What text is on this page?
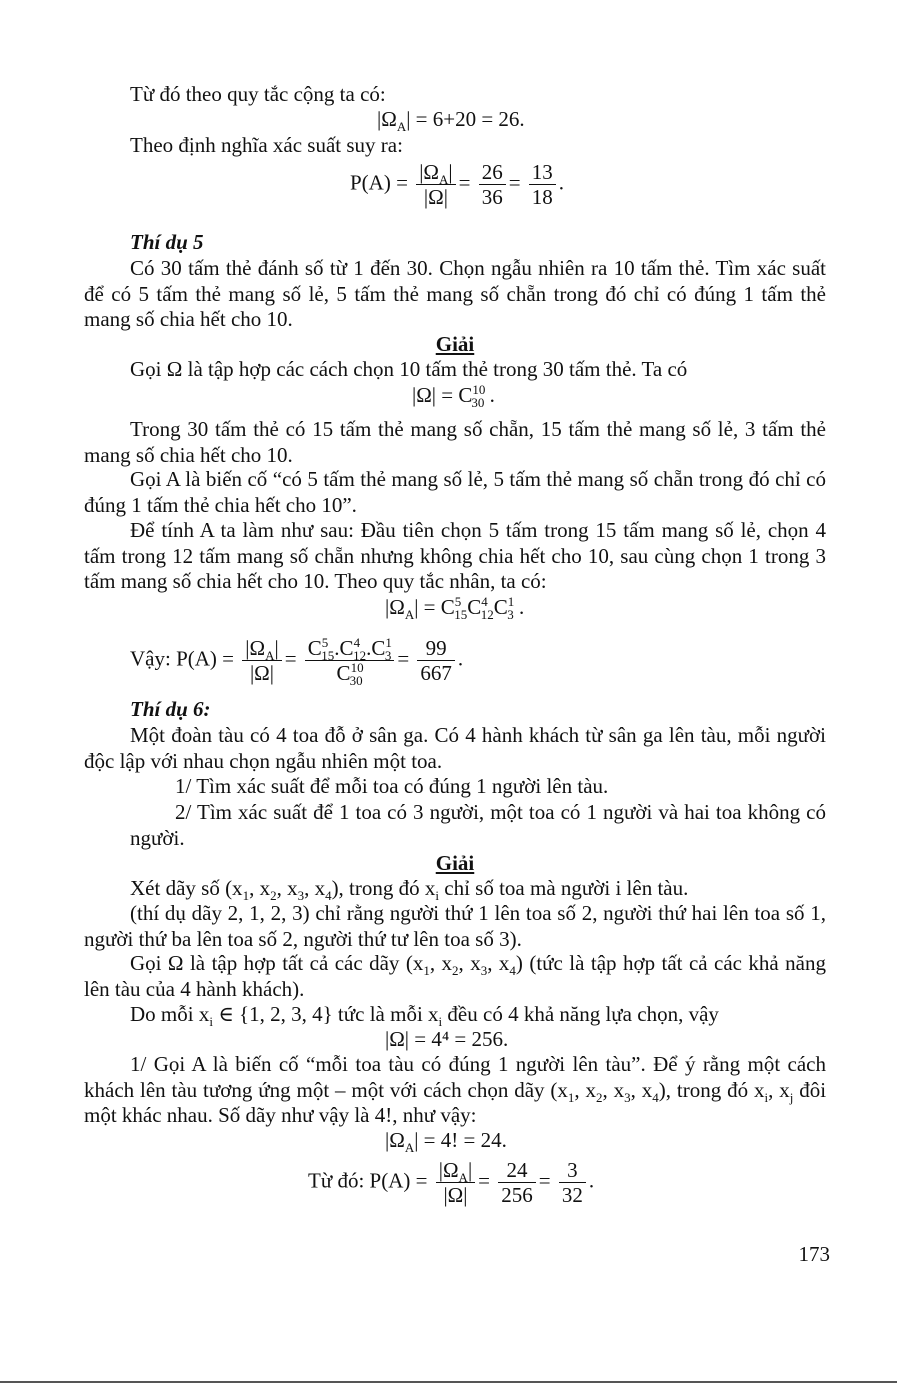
Từ đó theo quy tắc cộng ta có:
$|\Omega_A| = 6+20 = 26$.
Theo định nghĩa xác suất suy ra:
$P(A) = \frac{|\Omega_A|}{|\Omega|} = \frac{26}{36} = \frac{13}{18}$ .
Thí dụ 5
Có 30 tấm thẻ đánh số từ 1 đến 30. Chọn ngẫu nhiên ra 10 tấm thẻ. Tìm xác suất để có 5 tấm thẻ mang số lẻ, 5 tấm thẻ mang số chẵn trong đó chỉ có đúng 1 tấm thẻ mang số chia hết cho 10.
Giải
Gọi Ω là tập hợp các cách chọn 10 tấm thẻ trong 30 tấm thẻ. Ta có
$|\Omega| = C^{10}_{30}$ .
Trong 30 tấm thẻ có 15 tấm thẻ mang số chẵn, 15 tấm thẻ mang số lẻ, 3 tấm thẻ mang số chia hết cho 10.
Gọi A là biến cố “có 5 tấm thẻ mang số lẻ, 5 tấm thẻ mang số chẵn trong đó chỉ có đúng 1 tấm thẻ chia hết cho 10”.
Để tính A ta làm như sau: Đầu tiên chọn 5 tấm trong 15 tấm mang số lẻ, chọn 4 tấm trong 12 tấm mang số chẵn nhưng không chia hết cho 10, sau cùng chọn 1 trong 3 tấm mang số chia hết cho 10. Theo quy tắc nhân, ta có:
$|\Omega_A| = C^5_{15}C^4_{12}C^1_3$ .
Vậy: $P(A) = \frac{|\Omega_A|}{|\Omega|} = \frac{C^5_{15}.C^4_{12}.C^1_3}{C^{10}_{30}} = \frac{99}{667}$ .
Thí dụ 6:
Một đoàn tàu có 4 toa đỗ ở sân ga. Có 4 hành khách từ sân ga lên tàu, mỗi người độc lập với nhau chọn ngẫu nhiên một toa.
1/ Tìm xác suất để mỗi toa có đúng 1 người lên tàu.
2/ Tìm xác suất để 1 toa có 3 người, một toa có 1 người và hai toa không có người.
Giải
Xét dãy số ($x_1$, $x_2$, $x_3$, $x_4$), trong đó $x_i$ chỉ số toa mà người i lên tàu.
(thí dụ dãy 2, 1, 2, 3) chỉ rằng người thứ 1 lên toa số 2, người thứ hai lên toa số 1, người thứ ba lên toa số 2, người thứ tư lên toa số 3).
Gọi Ω là tập hợp tất cả các dãy ($x_1$, $x_2$, $x_3$, $x_4$) (tức là tập hợp tất cả các khả năng lên tàu của 4 hành khách).
Do mỗi $x_i$ ∈ {1, 2, 3, 4} tức là mỗi $x_i$ đều có 4 khả năng lựa chọn, vậy
|Ω| = 4⁴ = 256.
1/ Gọi A là biến cố “mỗi toa tàu có đúng 1 người lên tàu”. Để ý rằng một cách khách lên tàu tương ứng một – một với cách chọn dãy ($x_1$, $x_2$, $x_3$, $x_4$), trong đó $x_i$, $x_j$ đôi một khác nhau. Số dãy như vậy là 4!, như vậy:
$|\Omega_A| = 4$! = 24.
Từ đó: $P(A) = \frac{|\Omega_A|}{|\Omega|} = \frac{24}{256} = \frac{3}{32}$ .
173
